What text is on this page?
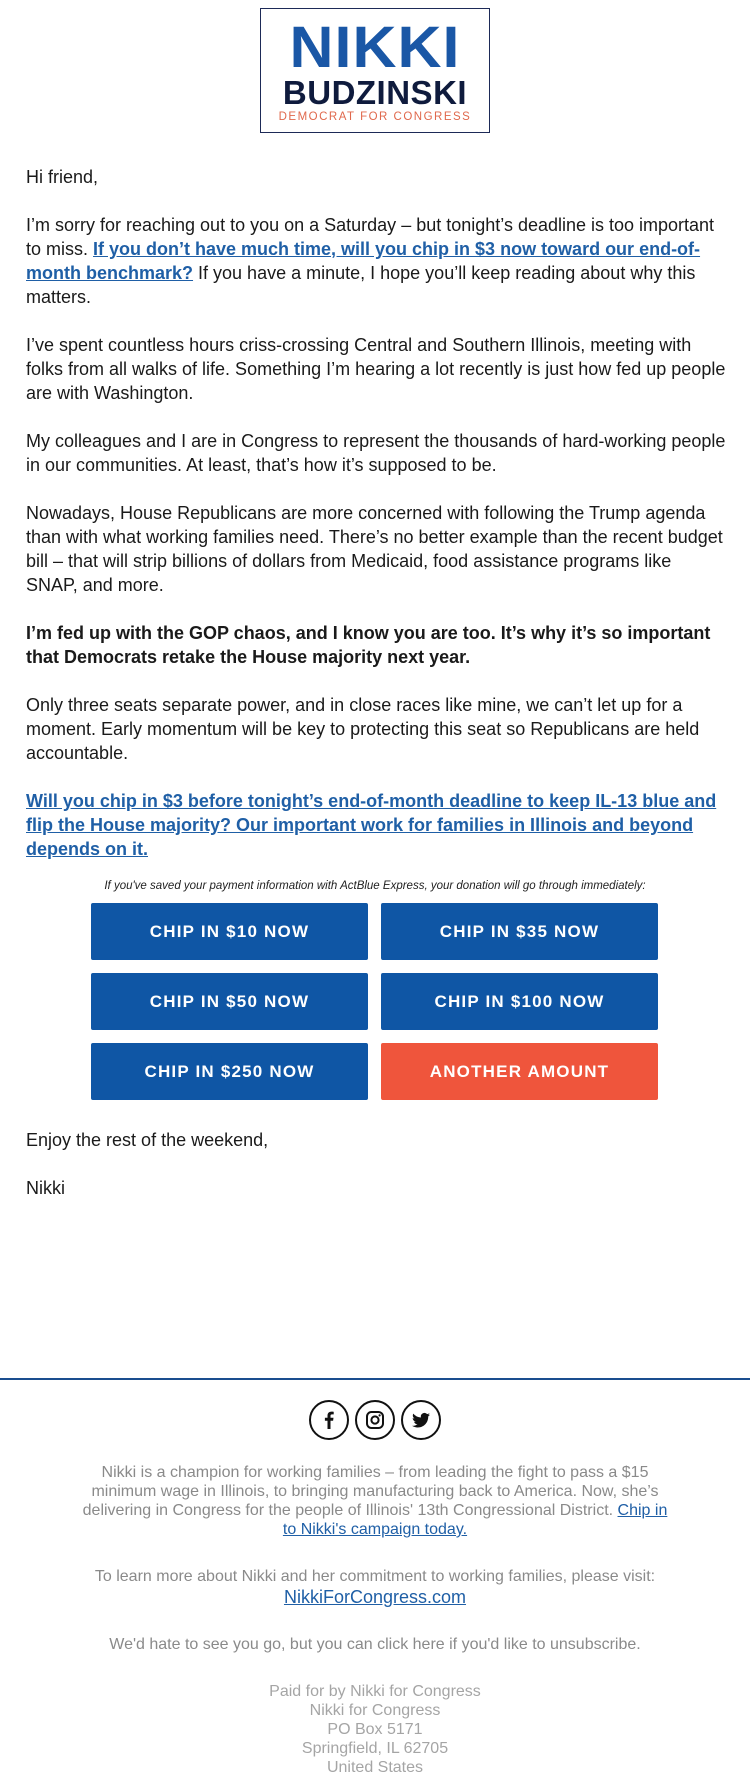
NIKKI
BUDZINSKI
DEMOCRAT FOR CONGRESS

Hi friend,

I’m sorry for reaching out to you on a Saturday – but tonight’s deadline is too important to miss. If you don’t have much time, will you chip in $3 now toward our end-of-month benchmark? If you have a minute, I hope you’ll keep reading about why this matters.

I’ve spent countless hours criss-crossing Central and Southern Illinois, meeting with folks from all walks of life. Something I’m hearing a lot recently is just how fed up people are with Washington.

My colleagues and I are in Congress to represent the thousands of hard-working people in our communities. At least, that’s how it’s supposed to be.

Nowadays, House Republicans are more concerned with following the Trump agenda than with what working families need. There’s no better example than the recent budget bill – that will strip billions of dollars from Medicaid, food assistance programs like SNAP, and more.

I’m fed up with the GOP chaos, and I know you are too. It’s why it’s so important that Democrats retake the House majority next year.

Only three seats separate power, and in close races like mine, we can’t let up for a moment. Early momentum will be key to protecting this seat so Republicans are held accountable.

Will you chip in $3 before tonight’s end-of-month deadline to keep IL-13 blue and flip the House majority? Our important work for families in Illinois and beyond depends on it.

If you've saved your payment information with ActBlue Express, your donation will go through immediately:
CHIP IN $10 NOW	CHIP IN $35 NOW
CHIP IN $50 NOW	CHIP IN $100 NOW
CHIP IN $250 NOW	ANOTHER AMOUNT

Enjoy the rest of the weekend,

Nikki

Nikki is a champion for working families – from leading the fight to pass a $15 minimum wage in Illinois, to bringing manufacturing back to America. Now, she’s delivering in Congress for the people of Illinois' 13th Congressional District. Chip in to Nikki's campaign today.
To learn more about Nikki and her commitment to working families, please visit:
NikkiForCongress.com
We'd hate to see you go, but you can click here if you'd like to unsubscribe.
Paid for by Nikki for Congress
Nikki for Congress
PO Box 5171
Springfield, IL 62705
United States
